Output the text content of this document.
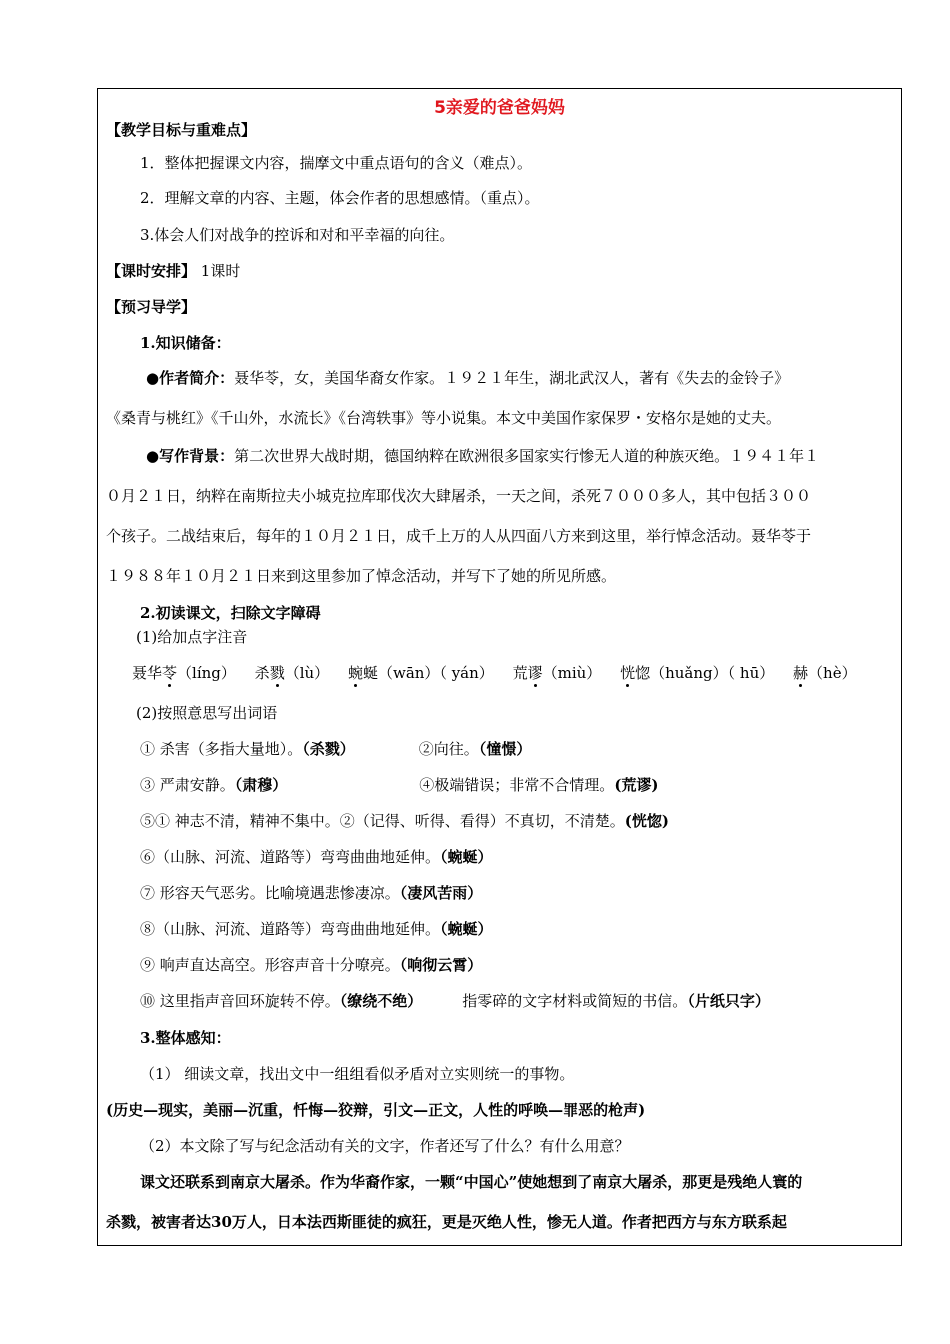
5亲爱的爸爸妈妈
【教学目标与重难点】
1．整体把握课文内容，揣摩文中重点语句的含义（难点）。
2．理解文章的内容、主题，体会作者的思想感情。（重点）。
3.体会人们对战争的控诉和对和平幸福的向往。
【课时安排】 1课时
【预习导学】
1.知识储备：
●作者简介：聂华苓，女，美国华裔女作家。１９２１年生，湖北武汉人，著有《失去的金铃子》
《桑青与桃红》《千山外，水流长》《台湾轶事》等小说集。本文中美国作家保罗・安格尔是她的丈夫。
●写作背景：第二次世界大战时期，德国纳粹在欧洲很多国家实行惨无人道的种族灭绝。１９４１年１
０月２１日，纳粹在南斯拉夫小城克拉库耶伐次大肆屠杀，一天之间，杀死７０００多人，其中包括３００
个孩子。二战结束后，每年的１０月２１日，成千上万的人从四面八方来到这里，举行悼念活动。聂华苓于
１９８８年１０月２１日来到这里参加了悼念活动，并写下了她的所见所感。
2.初读课文，扫除文字障碍
(1)给加点字注音
聂华苓（líng） 杀戮（lù） 蜿蜒（wān）（ yán） 荒谬（miù） 恍惚（huǎng）（ hū） 赫（hè）
(2)按照意思写出词语
① 杀害（多指大量地）。（杀戮）	②向往。（憧憬）
③ 严肃安静。（肃穆）	④极端错误；非常不合情理。(荒谬)
⑤① 神志不清，精神不集中。②（记得、听得、看得）不真切，不清楚。(恍惚)
⑥（山脉、河流、道路等）弯弯曲曲地延伸。（蜿蜒）
⑦ 形容天气恶劣。比喻境遇悲惨凄凉。（凄风苦雨）
⑧（山脉、河流、道路等）弯弯曲曲地延伸。（蜿蜒）
⑨ 响声直达高空。形容声音十分嘹亮。（响彻云霄）
⑩ 这里指声音回环旋转不停。（缭绕不绝）	指零碎的文字材料或简短的书信。（片纸只字）
3.整体感知：
（1） 细读文章，找出文中一组组看似矛盾对立实则统一的事物。
(历史—现实，美丽—沉重，忏悔—狡辩，引文—正文，人性的呼唤—罪恶的枪声)
（2）本文除了写与纪念活动有关的文字，作者还写了什么？有什么用意？
课文还联系到南京大屠杀。作为华裔作家，一颗“中国心”使她想到了南京大屠杀，那更是残绝人寰的
杀戮，被害者达30万人，日本法西斯匪徒的疯狂，更是灭绝人性，惨无人道。作者把西方与东方联系起
